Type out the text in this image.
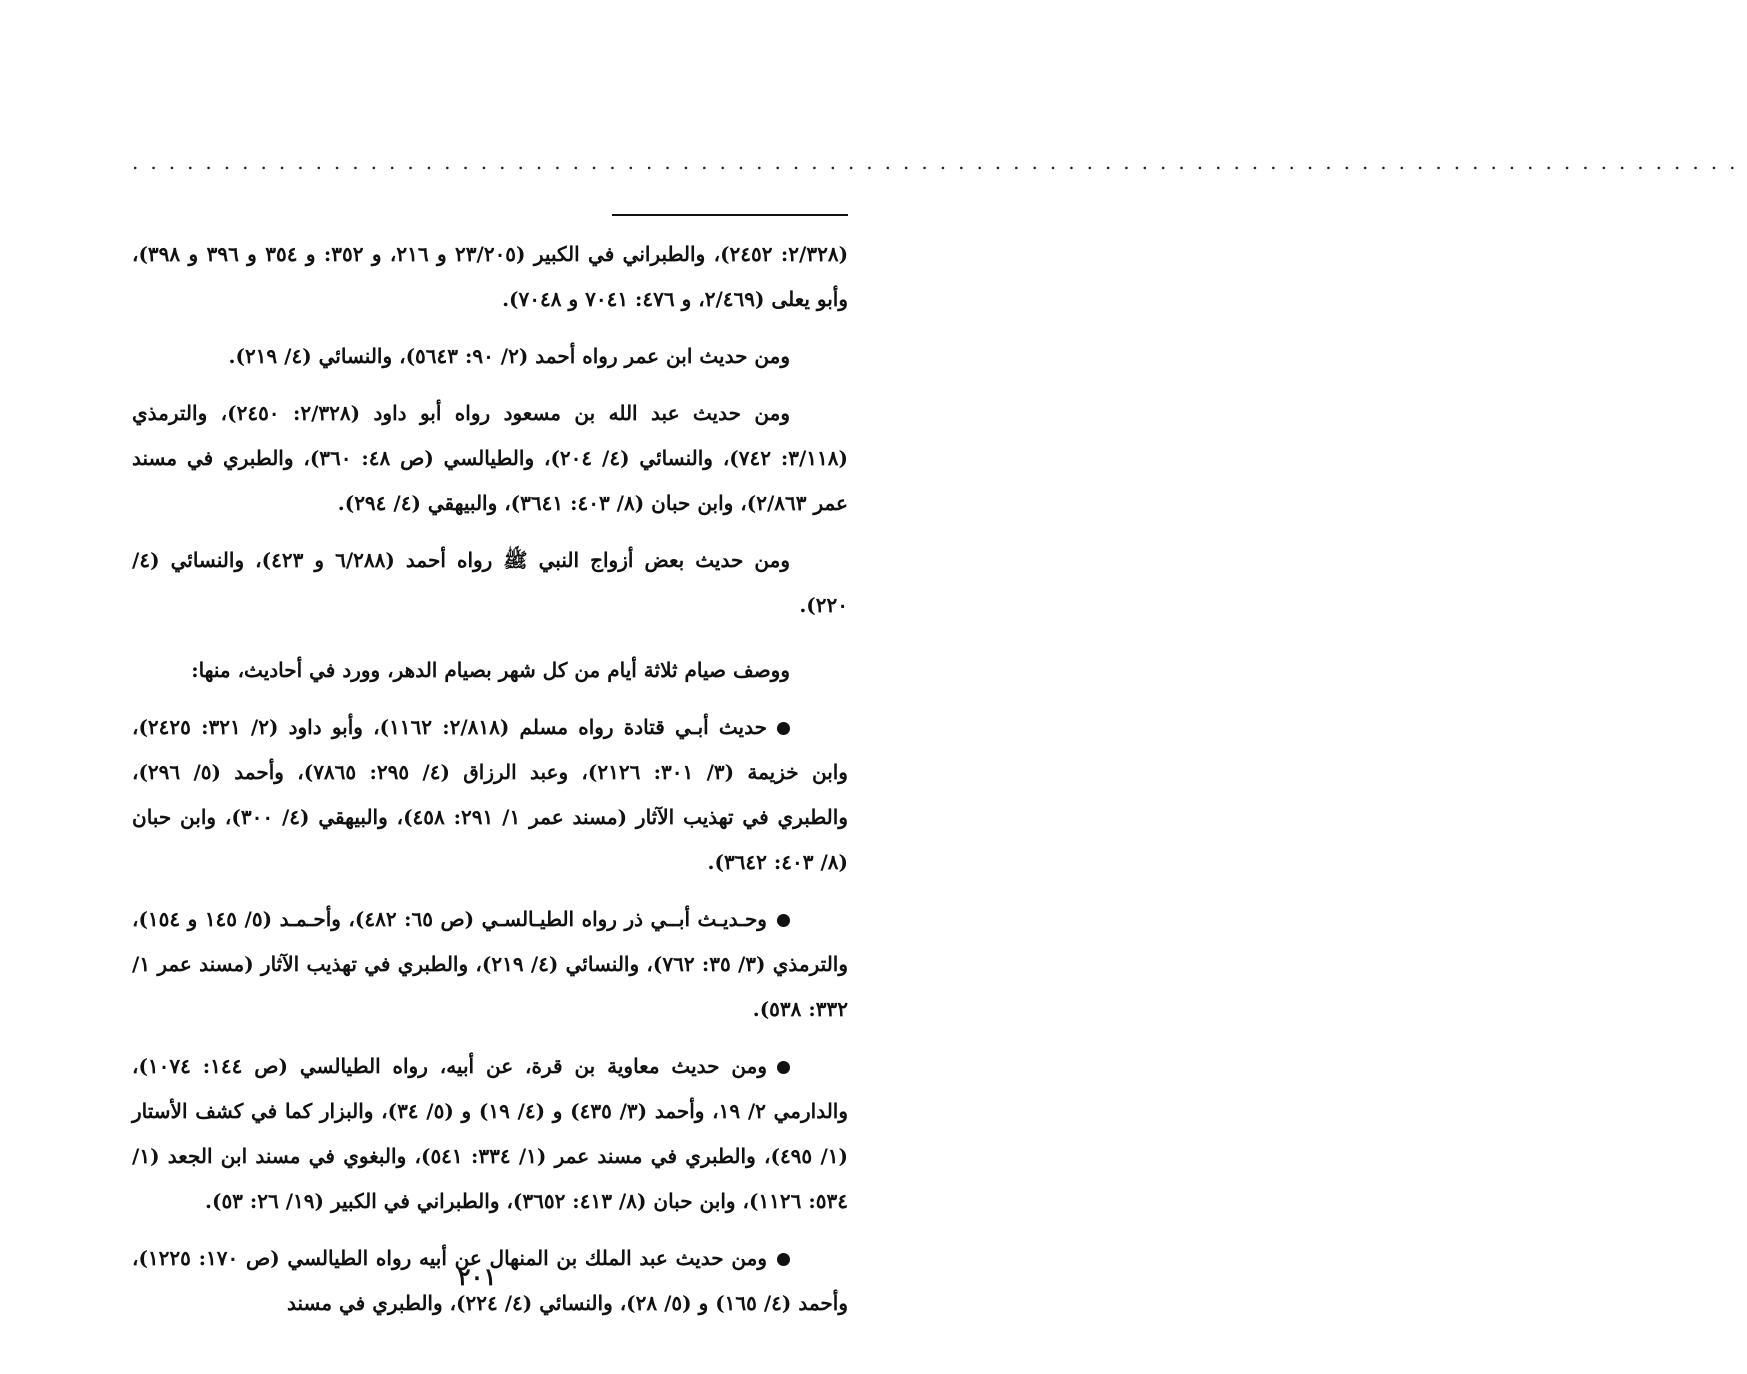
........................................................................................

(٢/٣٢٨: ٢٤٥٢)، والطبراني في الكبير (٢٣/٢٠٥ و ٢١٦، و ٣٥٢: و ٣٥٤ و ٣٩٦ و ٣٩٨)، وأبو يعلى (٢/٤٦٩، و ٤٧٦: ٧٠٤١ و ٧٠٤٨).

ومن حديث ابن عمر رواه أحمد (٢/ ٩٠: ٥٦٤٣)، والنسائي (٤/ ٢١٩).

ومن حديث عبد الله بن مسعود رواه أبو داود (٢/٣٢٨: ٢٤٥٠)، والترمذي (٣/١١٨: ٧٤٢)، والنسائي (٤/ ٢٠٤)، والطيالسي (ص ٤٨: ٣٦٠)، والطبري في مسند عمر ٢/٨٦٣)، وابن حبان (٨/ ٤٠٣: ٣٦٤١)، والبيهقي (٤/ ٢٩٤).

ومن حديث بعض أزواج النبي ﷺ رواه أحمد (٦/٢٨٨ و ٤٢٣)، والنسائي (٤/ ٢٢٠).

ووصف صيام ثلاثة أيام من كل شهر بصيام الدهر، وورد في أحاديث، منها:

حديث أبـي قتادة رواه مسلم (٢/٨١٨: ١١٦٢)، وأبو داود (٢/ ٣٢١: ٢٤٢٥)، وابن خزيمة (٣/ ٣٠١: ٢١٢٦)، وعبد الرزاق (٤/ ٢٩٥: ٧٨٦٥)، وأحمد (٥/ ٢٩٦)، والطبري في تهذيب الآثار (مسند عمر ١/ ٢٩١: ٤٥٨)، والبيهقي (٤/ ٣٠٠)، وابن حبان (٨/ ٤٠٣: ٣٦٤٢).

وحـديـث أبــي ذر رواه الطيـالسـي (ص ٦٥: ٤٨٢)، وأحـمـد (٥/ ١٤٥ و ١٥٤)، والترمذي (٣/ ٣٥: ٧٦٢)، والنسائي (٤/ ٢١٩)، والطبري في تهذيب الآثار (مسند عمر ١/ ٣٣٢: ٥٣٨).

ومن حديث معاوية بن قرة، عن أبيه، رواه الطيالسي (ص ١٤٤: ١٠٧٤)، والدارمي ٢/ ١٩، وأحمد (٣/ ٤٣٥) و (٤/ ١٩) و (٥/ ٣٤)، والبزار كما في كشف الأستار (١/ ٤٩٥)، والطبري في مسند عمر (١/ ٣٣٤: ٥٤١)، والبغوي في مسند ابن الجعد (١/ ٥٣٤: ١١٢٦)، وابن حبان (٨/ ٤١٣: ٣٦٥٢)، والطبراني في الكبير (١٩/ ٢٦: ٥٣).

ومن حديث عبد الملك بن المنهال عن أبيه رواه الطيالسي (ص ١٧٠: ١٢٢٥)، وأحمد (٤/ ١٦٥) و (٥/ ٢٨)، والنسائي (٤/ ٢٢٤)، والطبري في مسند

٢٠١
